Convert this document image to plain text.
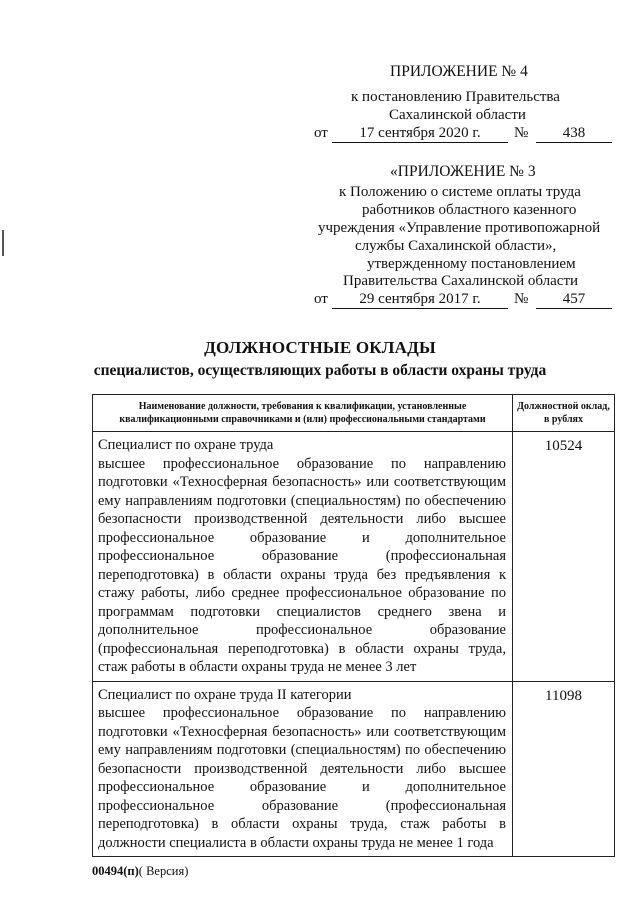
ПРИЛОЖЕНИЕ № 4
к постановлению Правительства
Сахалинской области
от	17 сентября 2020 г.	№	438
«ПРИЛОЖЕНИЕ № 3
к Положению о системе оплаты труда
работников областного казенного
учреждения «Управление противопожарной
службы Сахалинской области»,
утвержденному постановлением
Правительства Сахалинской области
от	29 сентября 2017 г.	№	457
ДОЛЖНОСТНЫЕ ОКЛАДЫ
специалистов, осуществляющих работы в области охраны труда
Наименование должности, требования к квалификации, установленные квалификационными справочниками и (или) профессиональными стандартами	Должностной оклад, в рублях
Специалист по охране труда
высшее профессиональное образование по направлению подготовки «Техносферная безопасность» или соответствующим ему направлениям подготовки (специальностям) по обеспечению безопасности производственной деятельности либо высшее профессиональное образование и дополнительное профессиональное образование (профессиональная переподготовка) в области охраны труда без предъявления к стажу работы, либо среднее профессиональное образование по программам подготовки специалистов среднего звена и дополнительное профессиональное образование (профессиональная переподготовка) в области охраны труда, стаж работы в области охраны труда не менее 3 лет	10524
Специалист по охране труда II категории
высшее профессиональное образование по направлению подготовки «Техносферная безопасность» или соответствующим ему направлениям подготовки (специальностям) по обеспечению безопасности производственной деятельности либо высшее профессиональное образование и дополнительное профессиональное образование (профессиональная переподготовка) в области охраны труда, стаж работы в должности специалиста в области охраны труда не менее 1 года	11098
00494(п)( Версия)
